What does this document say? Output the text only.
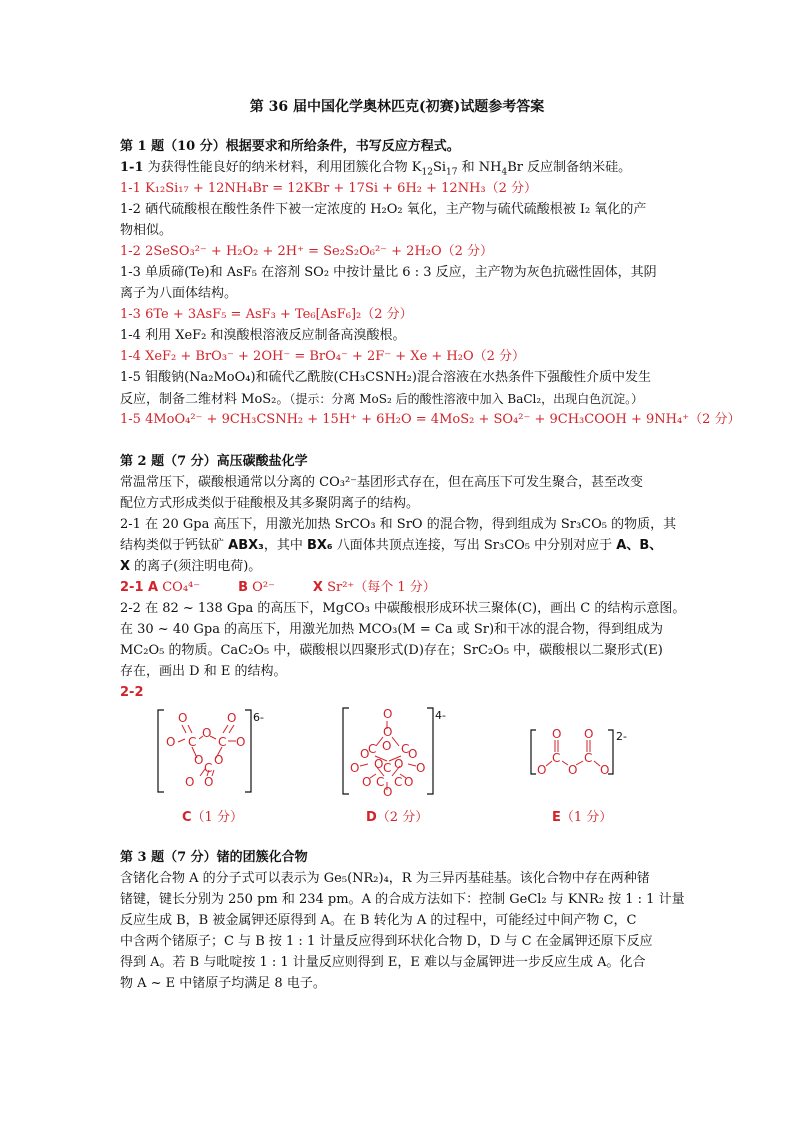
第 36 届中国化学奥林匹克(初赛)试题参考答案
第 1 题（10 分）根据要求和所给条件，书写反应方程式。
1-1 为获得性能良好的纳米材料，利用团簇化合物 $K_{12}Si_{17}$ 和 $NH_4Br$ 反应制备纳米硅。
1-1 K₁₂Si₁₇ + 12NH₄Br = 12KBr + 17Si + 6H₂ + 12NH₃（2 分）
1-2 硒代硫酸根在酸性条件下被一定浓度的 H₂O₂ 氧化，主产物与硫代硫酸根被 I₂ 氧化的产
物相似。
1-2 2SeSO₃²⁻ + H₂O₂ + 2H⁺ = Se₂S₂O₆²⁻ + 2H₂O（2 分）
1-3 单质碲(Te)和 AsF₅ 在溶剂 SO₂ 中按计量比 6 : 3 反应，主产物为灰色抗磁性固体，其阴
离子为八面体结构。
1-3 6Te + 3AsF₅ = AsF₃ + Te₆[AsF₆]₂（2 分）
1-4 利用 XeF₂ 和溴酸根溶液反应制备高溴酸根。
1-4 XeF₂ + BrO₃⁻ + 2OH⁻ = BrO₄⁻ + 2F⁻ + Xe + H₂O（2 分）
1-5 钼酸钠(Na₂MoO₄)和硫代乙酰胺(CH₃CSNH₂)混合溶液在水热条件下强酸性介质中发生
反应，制备二维材料 MoS₂。（提示：分离 MoS₂ 后的酸性溶液中加入 BaCl₂，出现白色沉淀。）
1-5 4MoO₄²⁻ + 9CH₃CSNH₂ + 15H⁺ + 6H₂O = 4MoS₂ + SO₄²⁻ + 9CH₃COOH + 9NH₄⁺（2 分）
第 2 题（7 分）高压碳酸盐化学
常温常压下，碳酸根通常以分离的 CO₃²⁻基团形式存在，但在高压下可发生聚合，甚至改变
配位方式形成类似于硅酸根及其多聚阴离子的结构。
2-1 在 20 Gpa 高压下，用激光加热 SrCO₃ 和 SrO 的混合物，得到组成为 Sr₃CO₅ 的物质，其
结构类似于钙钛矿 ABX₃，其中 BX₆ 八面体共顶点连接，写出 Sr₃CO₅ 中分别对应于 A、B、
X 的离子(须注明电荷)。
2-1 A CO₄⁴⁻	B O²⁻	X Sr²⁺（每个 1 分）
2-2 在 82 ~ 138 Gpa 的高压下，MgCO₃ 中碳酸根形成环状三聚体(C)，画出 C 的结构示意图。
在 30 ~ 40 Gpa 的高压下，用激光加热 MCO₃(M = Ca 或 Sr)和干冰的混合物，得到组成为
MC₂O₅ 的物质。CaC₂O₅ 中，碳酸根以四聚形式(D)存在；SrC₂O₅ 中，碳酸根以二聚形式(E)
存在，画出 D 和 E 的结构。
2-2
6-
O	O
O C
O
C O
O O
C
O O
4-
O
O
C C
O
O	O
O O
O	O
C
O C C O
O
2-
O O
C C
O O O
C（1 分）	D（2 分）	E（1 分）
第 3 题（7 分）锗的团簇化合物
含锗化合物 A 的分子式可以表示为 Ge₅(NR₂)₄，R 为三异丙基硅基。该化合物中存在两种锗
锗键，键长分别为 250 pm 和 234 pm。A 的合成方法如下：控制 GeCl₂ 与 KNR₂ 按 1 : 1 计量
反应生成 B，B 被金属钾还原得到 A。在 B 转化为 A 的过程中，可能经过中间产物 C，C
中含两个锗原子；C 与 B 按 1 : 1 计量反应得到环状化合物 D，D 与 C 在金属钾还原下反应
得到 A。若 B 与吡啶按 1 : 1 计量反应则得到 E，E 难以与金属钾进一步反应生成 A。化合
物 A ~ E 中锗原子均满足 8 电子。
